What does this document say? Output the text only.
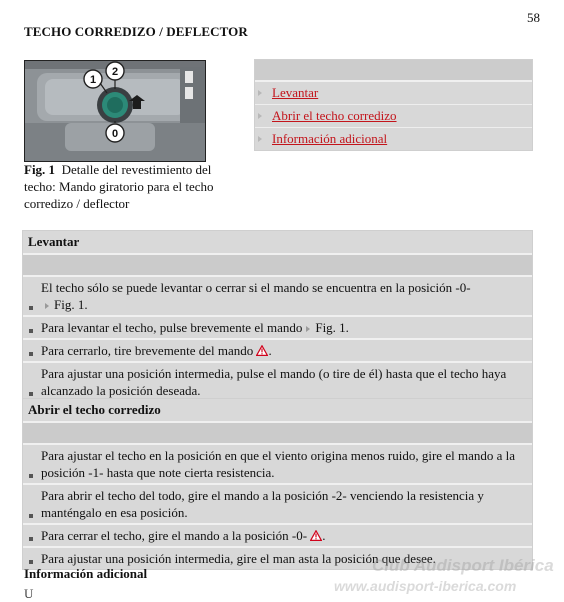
58
TECHO CORREDIZO / DEFLECTOR
1
2
0
Fig. 1 Detalle del revestimiento del techo: Mando giratorio para el techo corredizo / deflector
Levantar
Abrir el techo corredizo
Información adicional
Levantar
El techo sólo se puede levantar o cerrar si el mando se encuentra en la posición -0-
Fig. 1.
Para levantar el techo, pulse brevemente el mando Fig. 1.
Para cerrarlo, tire brevemente del mando .
Para ajustar una posición intermedia, pulse el mando (o tire de él) hasta que el techo haya alcanzado la posición deseada.
Abrir el techo corredizo
Para ajustar el techo en la posición en que el viento origina menos ruido, gire el mando a la posición -1- hasta que note cierta resistencia.
Para abrir el techo del todo, gire el mando a la posición -2- venciendo la resistencia y manténgalo en esa posición.
Para cerrar el techo, gire el mando a la posición -0- .
Para ajustar una posición intermedia, gire el man asta la posición que desee.
Club Audisport Ibérica
www.audisport-iberica.com
Información adicional
U
